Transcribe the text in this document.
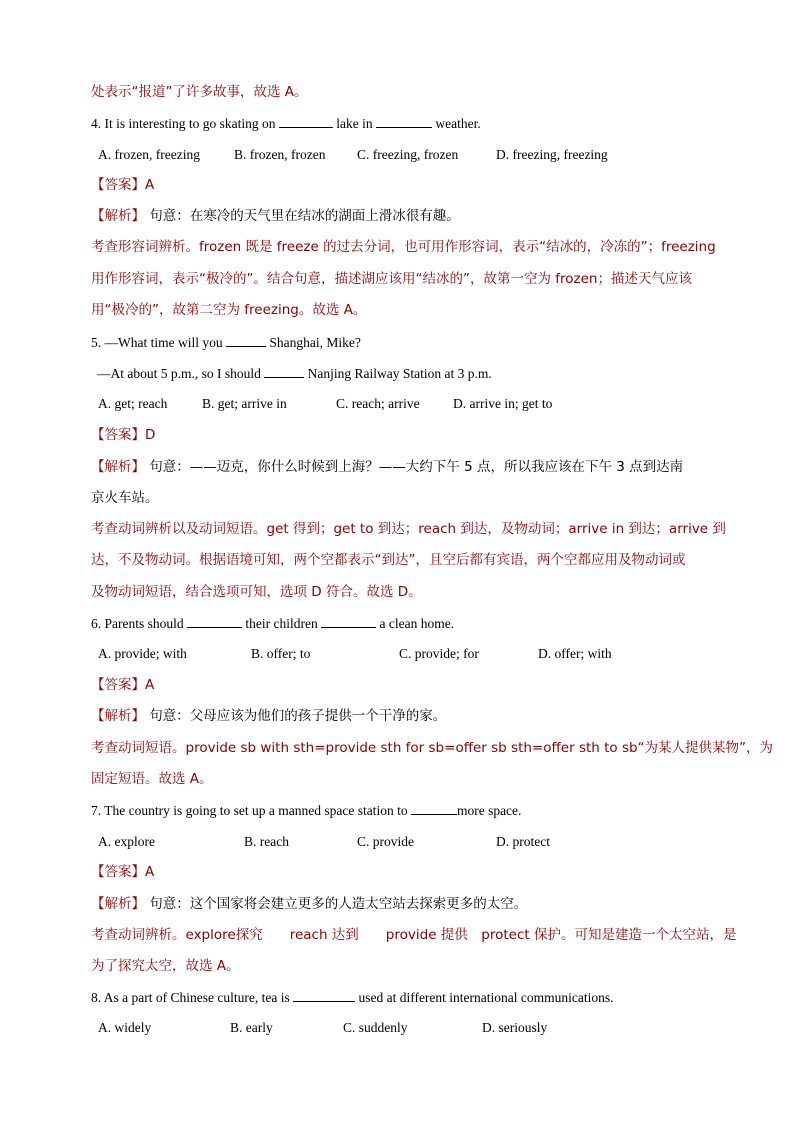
处表示“报道”了许多故事，故选 A。
4. It is interesting to go skating on	lake in	weather.
A. frozen, freezing	B. frozen, frozen C. freezing, frozen	D. freezing, freezing
【答案】A
【解析】 句意：在寒冷的天气里在结冰的湖面上滑冰很有趣。
考查形容词辨析。frozen 既是 freeze 的过去分词，也可用作形容词，表示“结冰的，冷冻的”；freezing
用作形容词，表示“极冷的”。结合句意，描述湖应该用“结冰的”，故第一空为 frozen；描述天气应该
用“极冷的”，故第二空为 freezing。故选 A。
5. —What time will you	Shanghai, Mike?
—At about 5 p.m., so I should	Nanjing Railway Station at 3 p.m.
A. get; reach	B. get; arrive in	C. reach; arrive D. arrive in; get to
【答案】D
【解析】 句意：——迈克，你什么时候到上海？——大约下午 5 点，所以我应该在下午 3 点到达南
京火车站。
考查动词辨析以及动词短语。get 得到；get to 到达；reach 到达，及物动词；arrive in 到达；arrive 到
达，不及物动词。根据语境可知，两个空都表示“到达”，且空后都有宾语，两个空都应用及物动词或
及物动词短语，结合选项可知，选项 D 符合。故选 D。
6. Parents should	their children	a clean home.
A. provide; with	B. offer; to	C. provide; for	D. offer; with
【答案】A
【解析】 句意：父母应该为他们的孩子提供一个干净的家。
考查动词短语。provide sb with sth=provide sth for sb=offer sb sth=offer sth to sb“为某人提供某物”，为
固定短语。故选 A。
7. The country is going to set up a manned space station to	more space.
A. explore	B. reach	C. provide	D. protect
【答案】A
【解析】 句意：这个国家将会建立更多的人造太空站去探索更多的太空。
考查动词辨析。explore探究　　reach 达到　　provide 提供　protect 保护。可知是建造一个太空站，是
为了探究太空，故选 A。
8. As a part of Chinese culture, tea is	used at different international communications.
A. widely	B. early	C. suddenly	D. seriously
